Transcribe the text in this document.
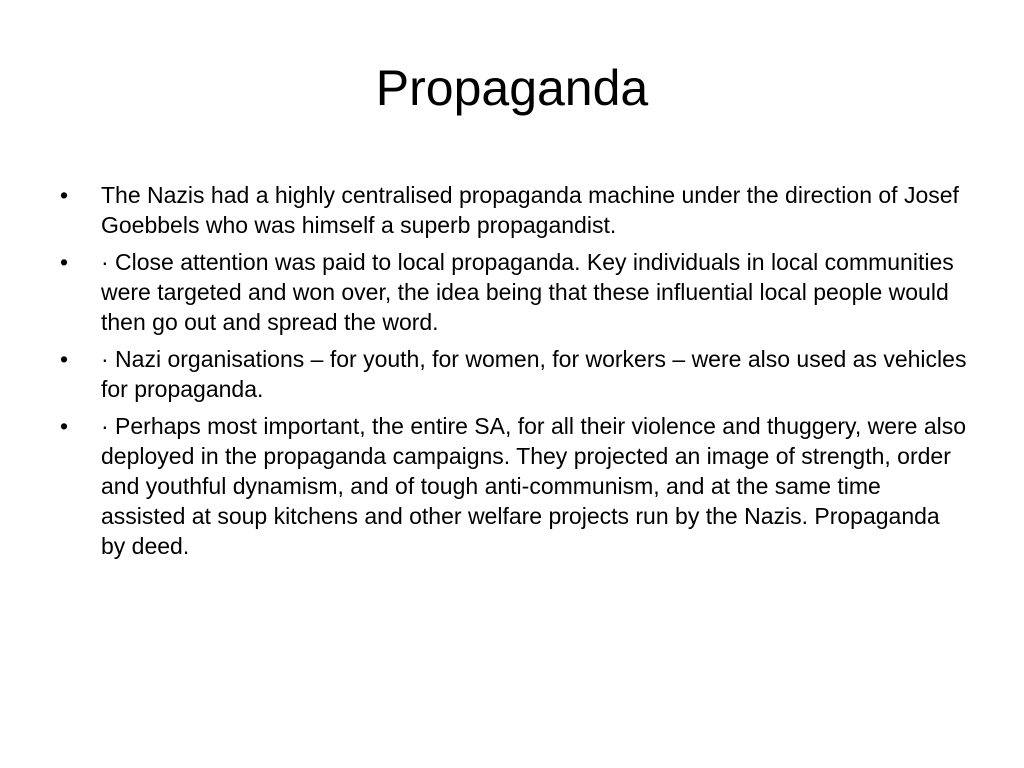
Propaganda
•	The Nazis had a highly centralised propaganda machine under the direction of Josef Goebbels who was himself a superb propagandist.
•	· Close attention was paid to local propaganda. Key individuals in local communities were targeted and won over, the idea being that these influential local people would then go out and spread the word.
•	· Nazi organisations – for youth, for women, for workers – were also used as vehicles for propaganda.
•	· Perhaps most important, the entire SA, for all their violence and thuggery, were also deployed in the propaganda campaigns. They projected an image of strength, order and youthful dynamism, and of tough anti-communism, and at the same time assisted at soup kitchens and other welfare projects run by the Nazis. Propaganda by deed.
